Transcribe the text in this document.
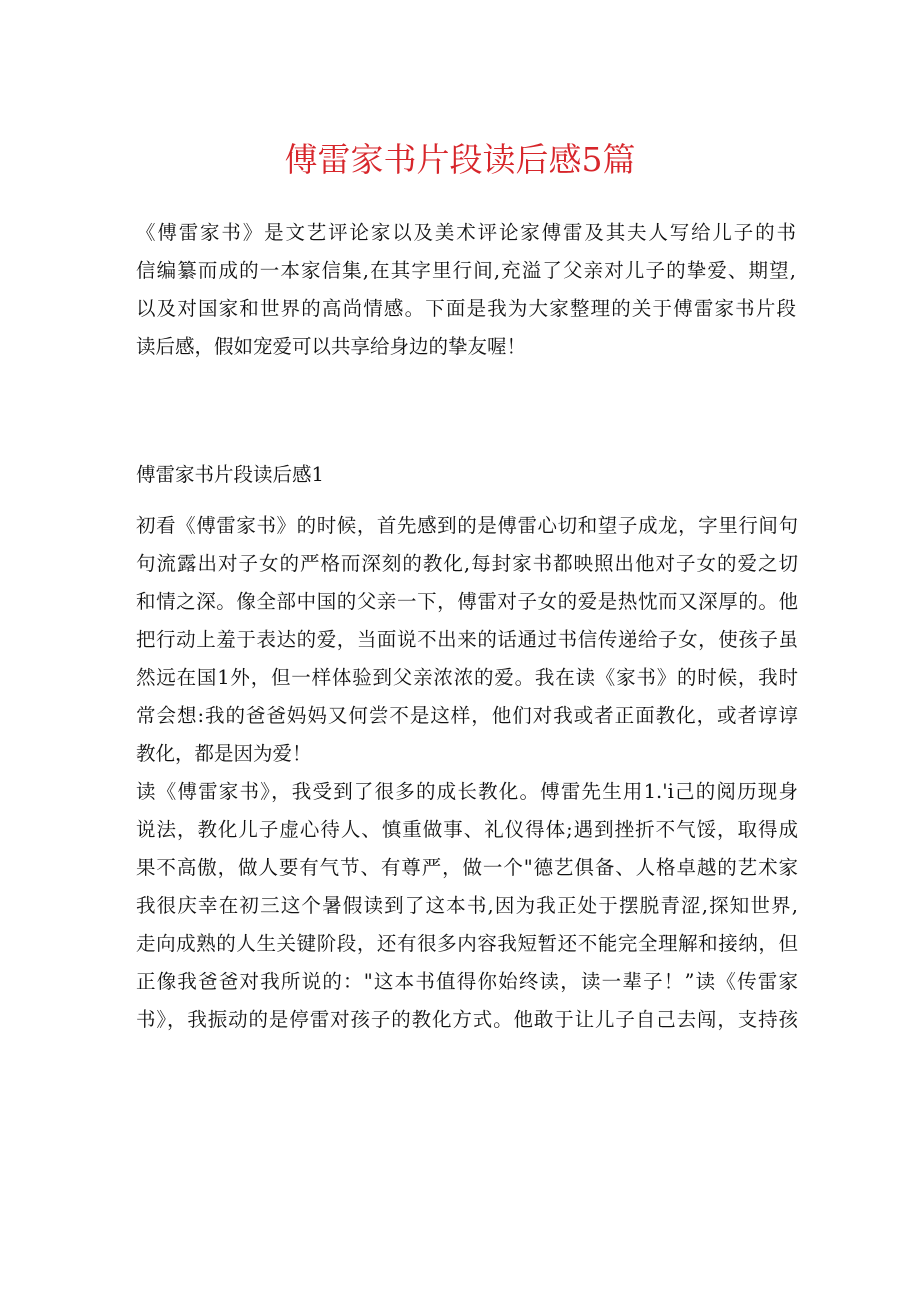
傅雷家书片段读后感5篇
《傅雷家书》是文艺评论家以及美术评论家傅雷及其夫人写给儿子的书
信编纂而成的一本家信集,在其字里行间,充溢了父亲对儿子的挚爱、期望,
以及对国家和世界的高尚情感。下面是我为大家整理的关于傅雷家书片段
读后感，假如宠爱可以共享给身边的挚友喔！
傅雷家书片段读后感1
初看《傅雷家书》的时候，首先感到的是傅雷心切和望子成龙，字里行间句
句流露出对子女的严格而深刻的教化,每封家书都映照出他对子女的爱之切
和情之深。像全部中国的父亲一下，傅雷对子女的爱是热忱而又深厚的。他
把行动上羞于表达的爱，当面说不出来的话通过书信传递给子女，使孩子虽
然远在国1外，但一样体验到父亲浓浓的爱。我在读《家书》的时候，我时
常会想:我的爸爸妈妈又何尝不是这样，他们对我或者正面教化，或者谆谆
教化，都是因为爱！
读《傅雷家书》，我受到了很多的成长教化。傅雷先生用1.'i己的阅历现身
说法，教化儿子虚心待人、慎重做事、礼仪得体;遇到挫折不气馁，取得成
果不高傲，做人要有气节、有尊严，做一个"德艺俱备、人格卓越的艺术家
我很庆幸在初三这个暑假读到了这本书,因为我正处于摆脱青涩,探知世界,
走向成熟的人生关键阶段，还有很多内容我短暂还不能完全理解和接纳，但
正像我爸爸对我所说的："这本书值得你始终读，读一辈子！”读《传雷家
书》，我振动的是停雷对孩子的教化方式。他敢于让儿子自己去闯，支持孩
